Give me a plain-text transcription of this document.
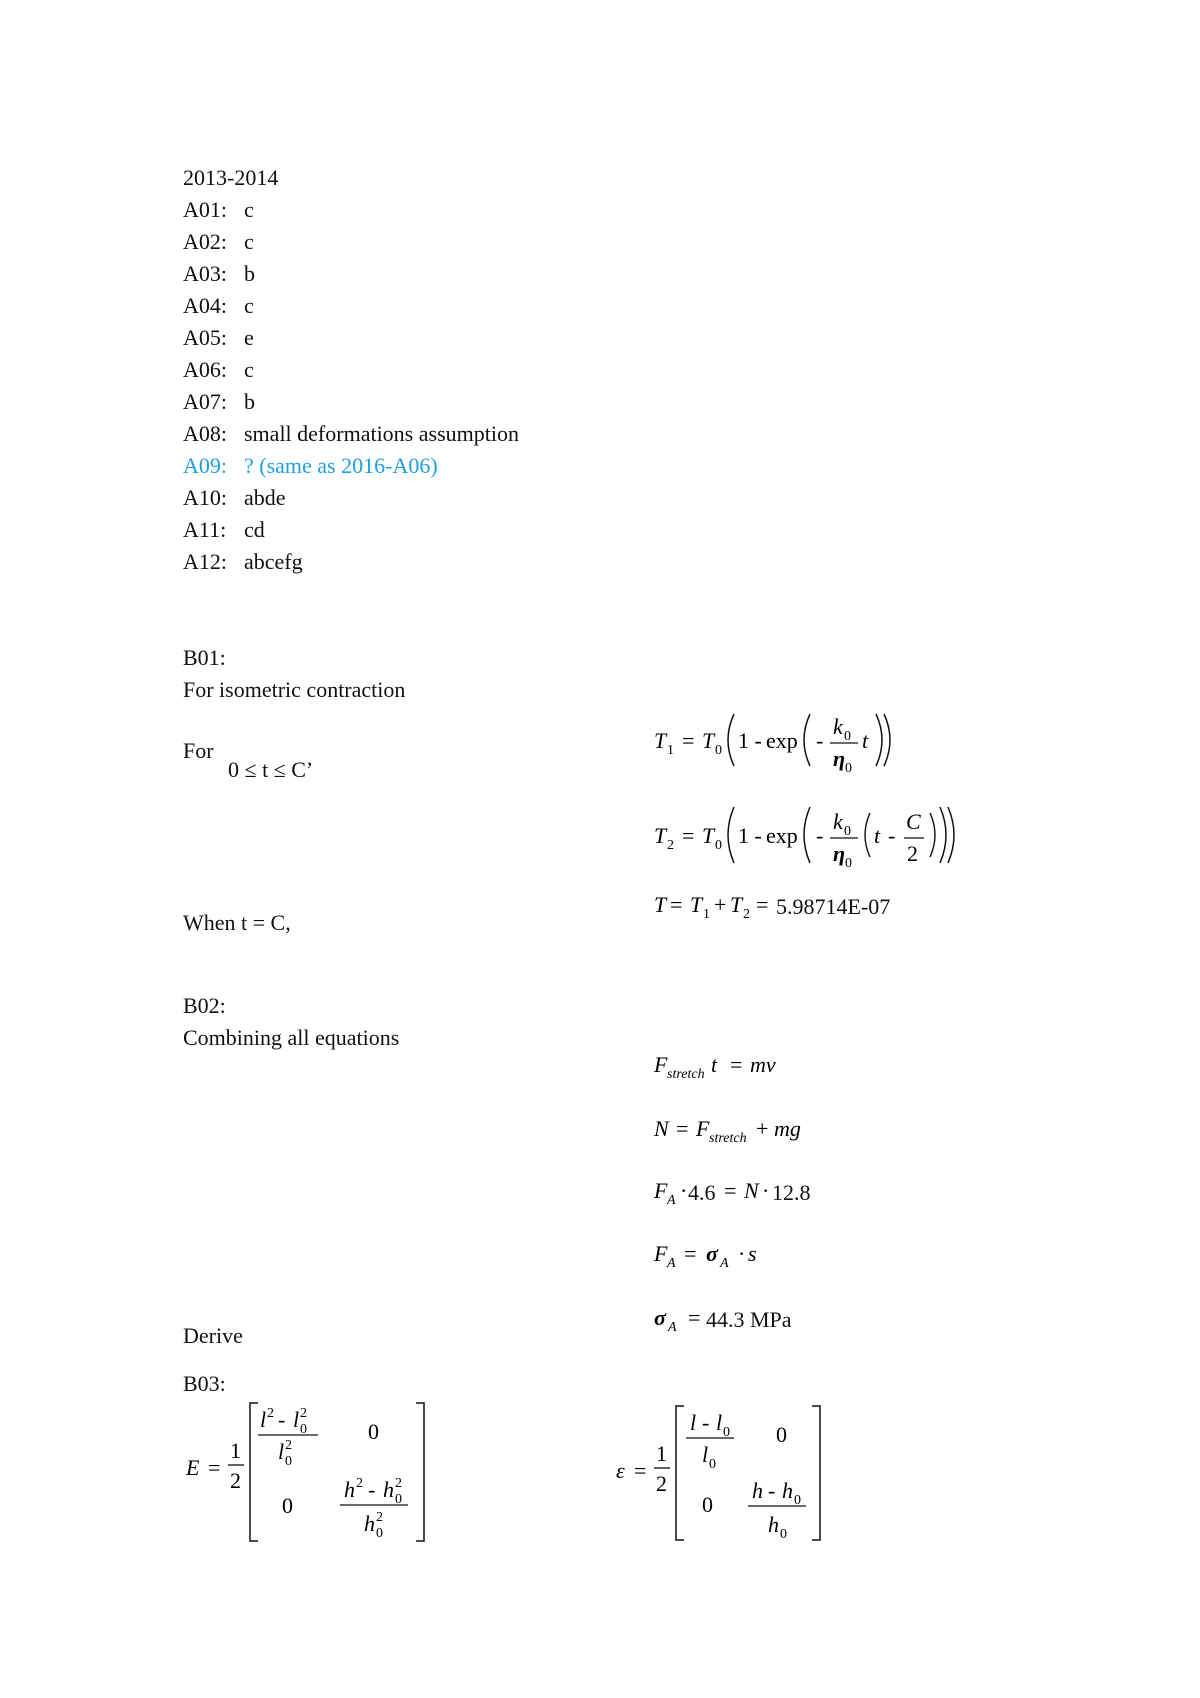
2013-2014
A01: c
A02: c
A03: b
A04: c
A05: e
A06: c
A07: b
A08: small deformations assumption
A09: ? (same as 2016-A06)
A10: abde
A11: cd
A12: abcefg
B01:
For isometric contraction
For
0 ≤ t ≤ C’
T 1 = T 0 1 - exp -
k 0
η 0
t
T 2 = T 0 1 - exp -
k 0
η 0
t -
C
2
When t = C,
T = T 1 + T 2 = 5.98714E-07
B02:
Combining all equations
F stretch t = mv
N = F stretch + mg
F A · 4.6 = N · 12.8
F A = σ A · s
Derive
σ A = 44.3 MPa
B03:
E =
1
2
l 2 - l 0
2
l 0
2
0
0
h 2 - h 0
2
h 0
2
ε =
1
2
l - l 0
l 0
0
0
h - h 0
h 0
